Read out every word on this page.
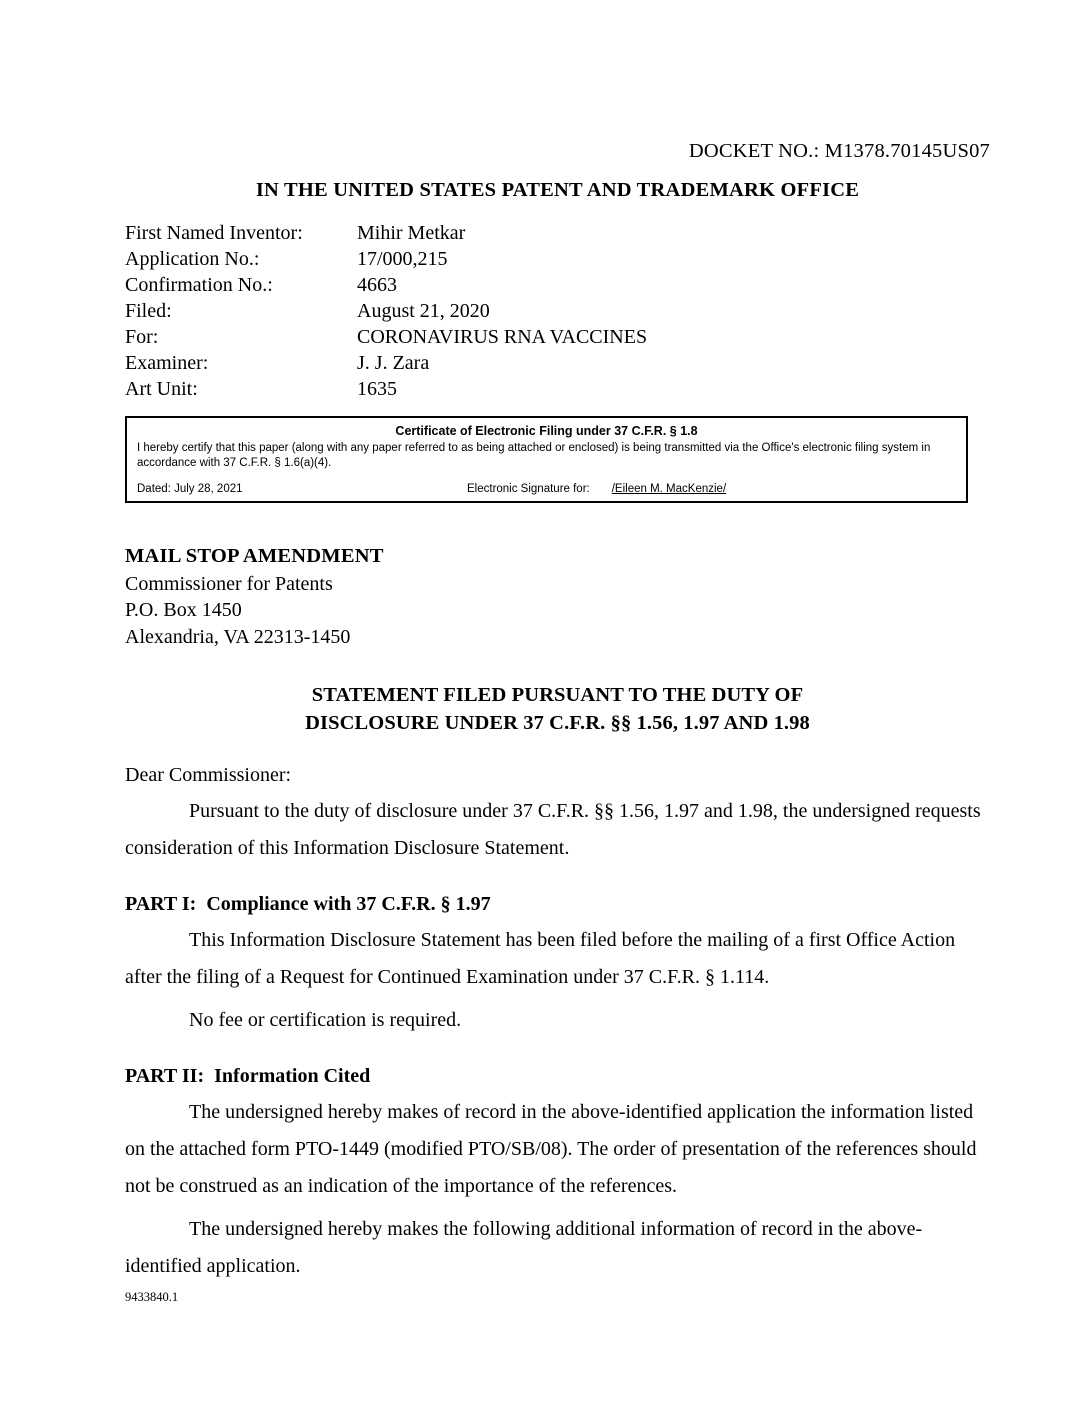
DOCKET NO.: M1378.70145US07
IN THE UNITED STATES PATENT AND TRADEMARK OFFICE
First Named Inventor:	Mihir Metkar
Application No.:	17/000,215
Confirmation No.:	4663
Filed:	August 21, 2020
For:	CORONAVIRUS RNA VACCINES
Examiner:	J. J. Zara
Art Unit:	1635
Certificate of Electronic Filing under 37 C.F.R. § 1.8
I hereby certify that this paper (along with any paper referred to as being attached or enclosed) is being transmitted via the Office's electronic filing system in accordance with 37 C.F.R. § 1.6(a)(4).
Dated: July 28, 2021	Electronic Signature for: /Eileen M. MacKenzie/
MAIL STOP AMENDMENT
Commissioner for Patents
P.O. Box 1450
Alexandria, VA 22313-1450
STATEMENT FILED PURSUANT TO THE DUTY OF
DISCLOSURE UNDER 37 C.F.R. §§ 1.56, 1.97 AND 1.98
Dear Commissioner:

Pursuant to the duty of disclosure under 37 C.F.R. §§ 1.56, 1.97 and 1.98, the undersigned requests consideration of this Information Disclosure Statement.

PART I: Compliance with 37 C.F.R. § 1.97

This Information Disclosure Statement has been filed before the mailing of a first Office Action after the filing of a Request for Continued Examination under 37 C.F.R. § 1.114.

No fee or certification is required.

PART II: Information Cited

The undersigned hereby makes of record in the above-identified application the information listed on the attached form PTO-1449 (modified PTO/SB/08). The order of presentation of the references should not be construed as an indication of the importance of the references.

The undersigned hereby makes the following additional information of record in the above-identified application.

9433840.1
